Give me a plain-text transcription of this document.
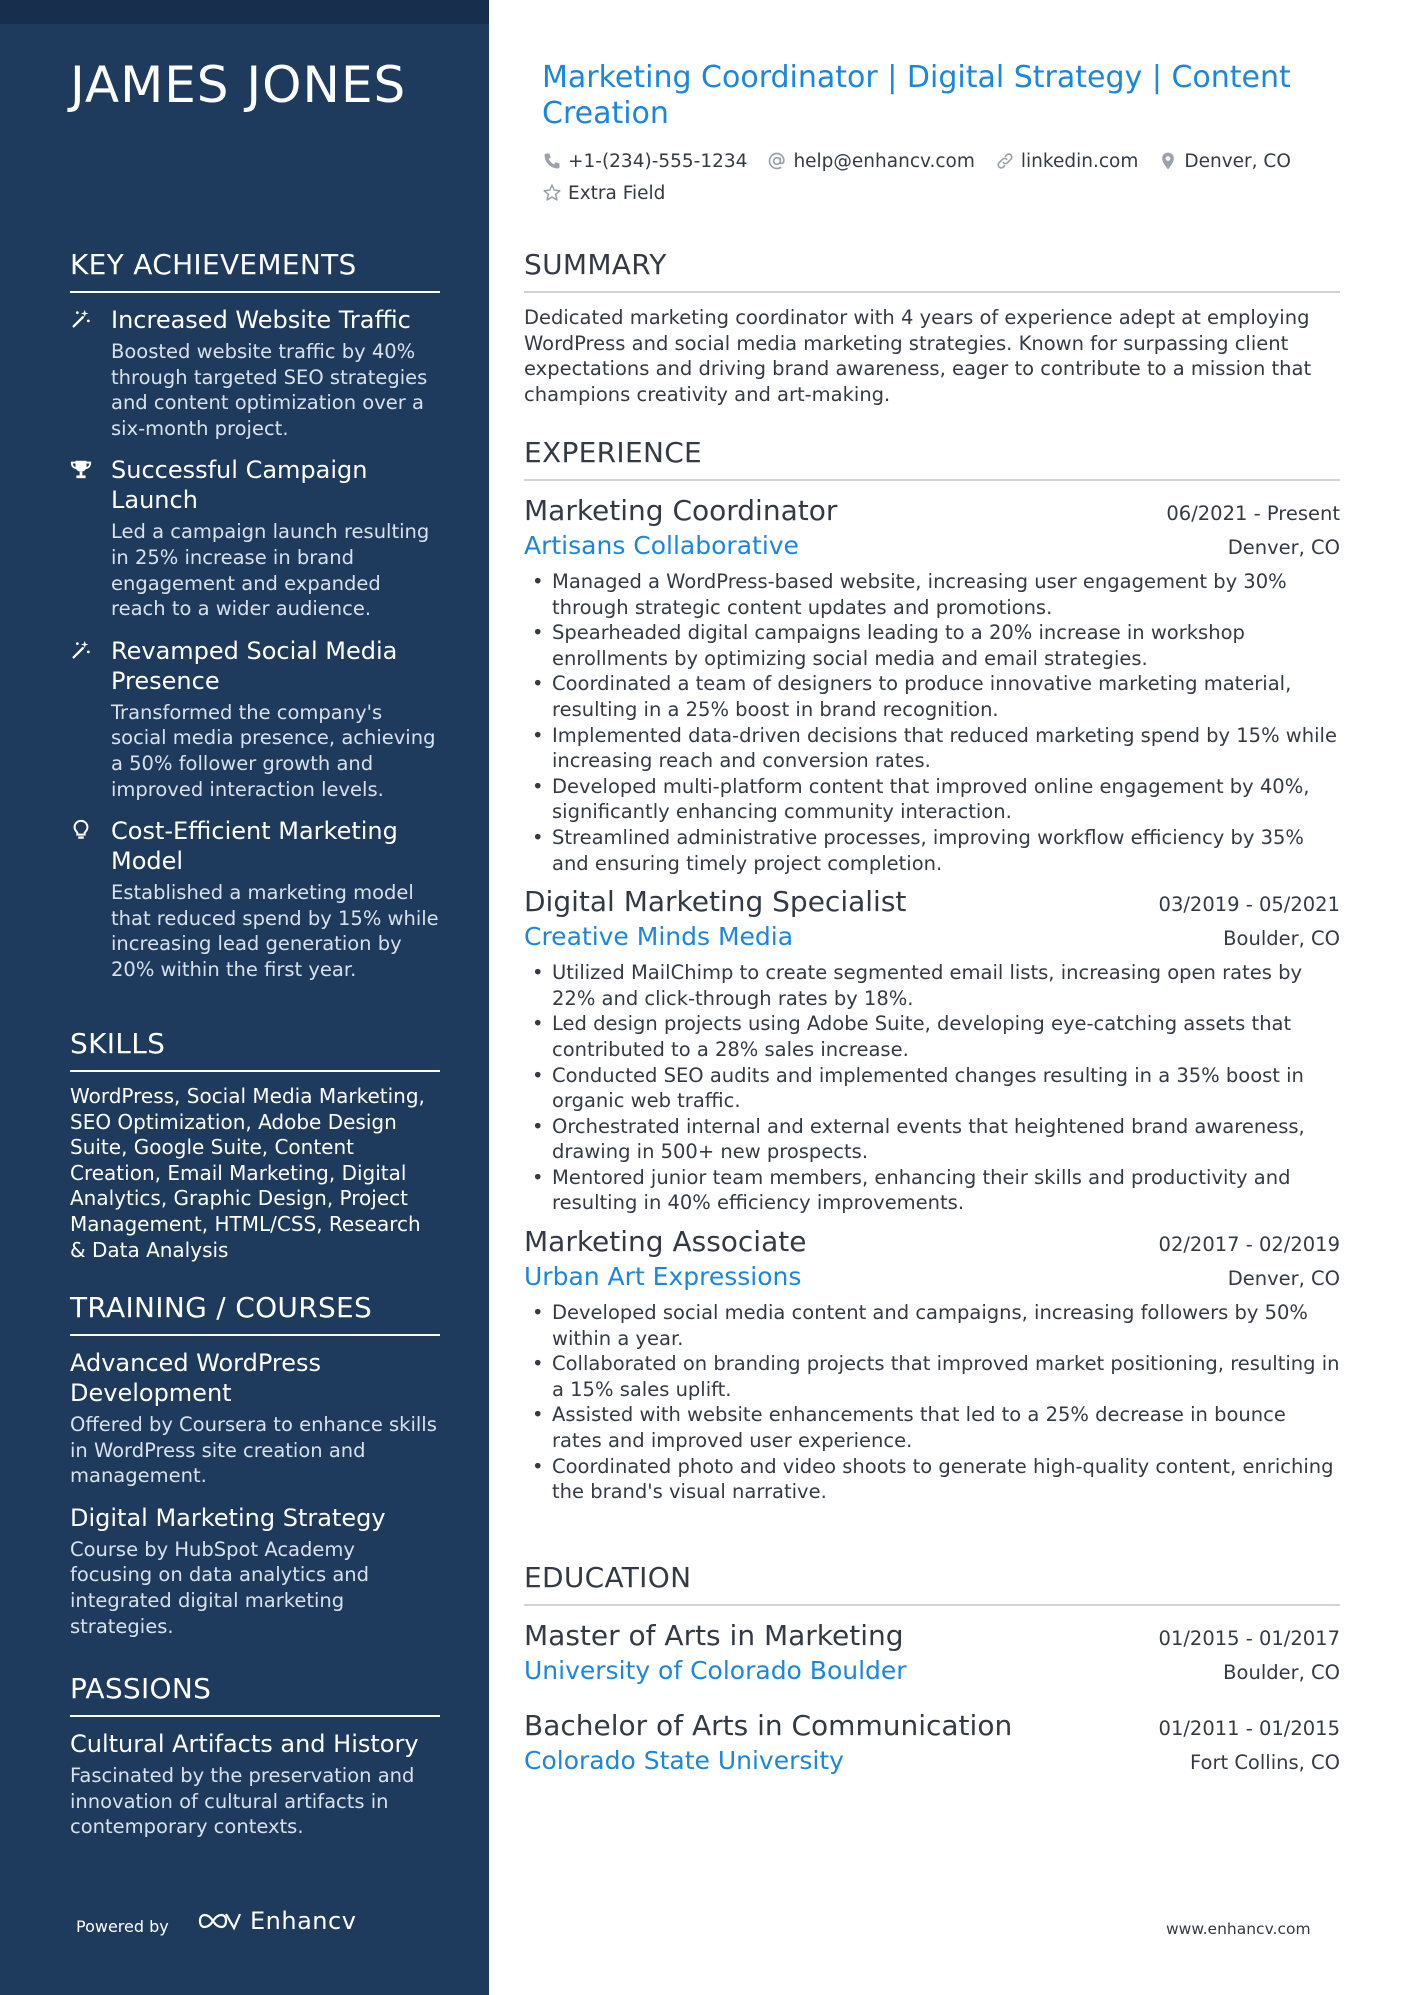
JAMES JONES
KEY ACHIEVEMENTS
Increased Website Traffic
Boosted website traffic by 40% through targeted SEO strategies and content optimization over a six-month project.
Successful Campaign Launch
Led a campaign launch resulting in 25% increase in brand engagement and expanded reach to a wider audience.
Revamped Social Media Presence
Transformed the company's social media presence, achieving a 50% follower growth and improved interaction levels.
Cost-Efficient Marketing Model
Established a marketing model that reduced spend by 15% while increasing lead generation by 20% within the first year.
SKILLS
WordPress, Social Media Marketing, SEO Optimization, Adobe Design Suite, Google Suite, Content Creation, Email Marketing, Digital Analytics, Graphic Design, Project Management, HTML/CSS, Research & Data Analysis
TRAINING / COURSES
Advanced WordPress Development
Offered by Coursera to enhance skills in WordPress site creation and management.
Digital Marketing Strategy
Course by HubSpot Academy focusing on data analytics and integrated digital marketing strategies.
PASSIONS
Cultural Artifacts and History
Fascinated by the preservation and innovation of cultural artifacts in contemporary contexts.
Powered by	Enhancv
Marketing Coordinator | Digital Strategy | Content Creation
+1-(234)-555-1234 help@enhancv.com linkedin.com Denver, CO
Extra Field
SUMMARY
Dedicated marketing coordinator with 4 years of experience adept at employing WordPress and social media marketing strategies. Known for surpassing client expectations and driving brand awareness, eager to contribute to a mission that champions creativity and art-making.
EXPERIENCE
Marketing Coordinator	06/2021 - Present
Artisans Collaborative	Denver, CO
• Managed a WordPress-based website, increasing user engagement by 30% through strategic content updates and promotions.
• Spearheaded digital campaigns leading to a 20% increase in workshop enrollments by optimizing social media and email strategies.
• Coordinated a team of designers to produce innovative marketing material, resulting in a 25% boost in brand recognition.
• Implemented data-driven decisions that reduced marketing spend by 15% while increasing reach and conversion rates.
• Developed multi-platform content that improved online engagement by 40%, significantly enhancing community interaction.
• Streamlined administrative processes, improving workflow efficiency by 35% and ensuring timely project completion.
Digital Marketing Specialist	03/2019 - 05/2021
Creative Minds Media	Boulder, CO
• Utilized MailChimp to create segmented email lists, increasing open rates by 22% and click-through rates by 18%.
• Led design projects using Adobe Suite, developing eye-catching assets that contributed to a 28% sales increase.
• Conducted SEO audits and implemented changes resulting in a 35% boost in organic web traffic.
• Orchestrated internal and external events that heightened brand awareness, drawing in 500+ new prospects.
• Mentored junior team members, enhancing their skills and productivity and resulting in 40% efficiency improvements.
Marketing Associate	02/2017 - 02/2019
Urban Art Expressions	Denver, CO
• Developed social media content and campaigns, increasing followers by 50% within a year.
• Collaborated on branding projects that improved market positioning, resulting in a 15% sales uplift.
• Assisted with website enhancements that led to a 25% decrease in bounce rates and improved user experience.
• Coordinated photo and video shoots to generate high-quality content, enriching the brand's visual narrative.
EDUCATION
Master of Arts in Marketing	01/2015 - 01/2017
University of Colorado Boulder	Boulder, CO
Bachelor of Arts in Communication	01/2011 - 01/2015
Colorado State University	Fort Collins, CO
www.enhancv.com
